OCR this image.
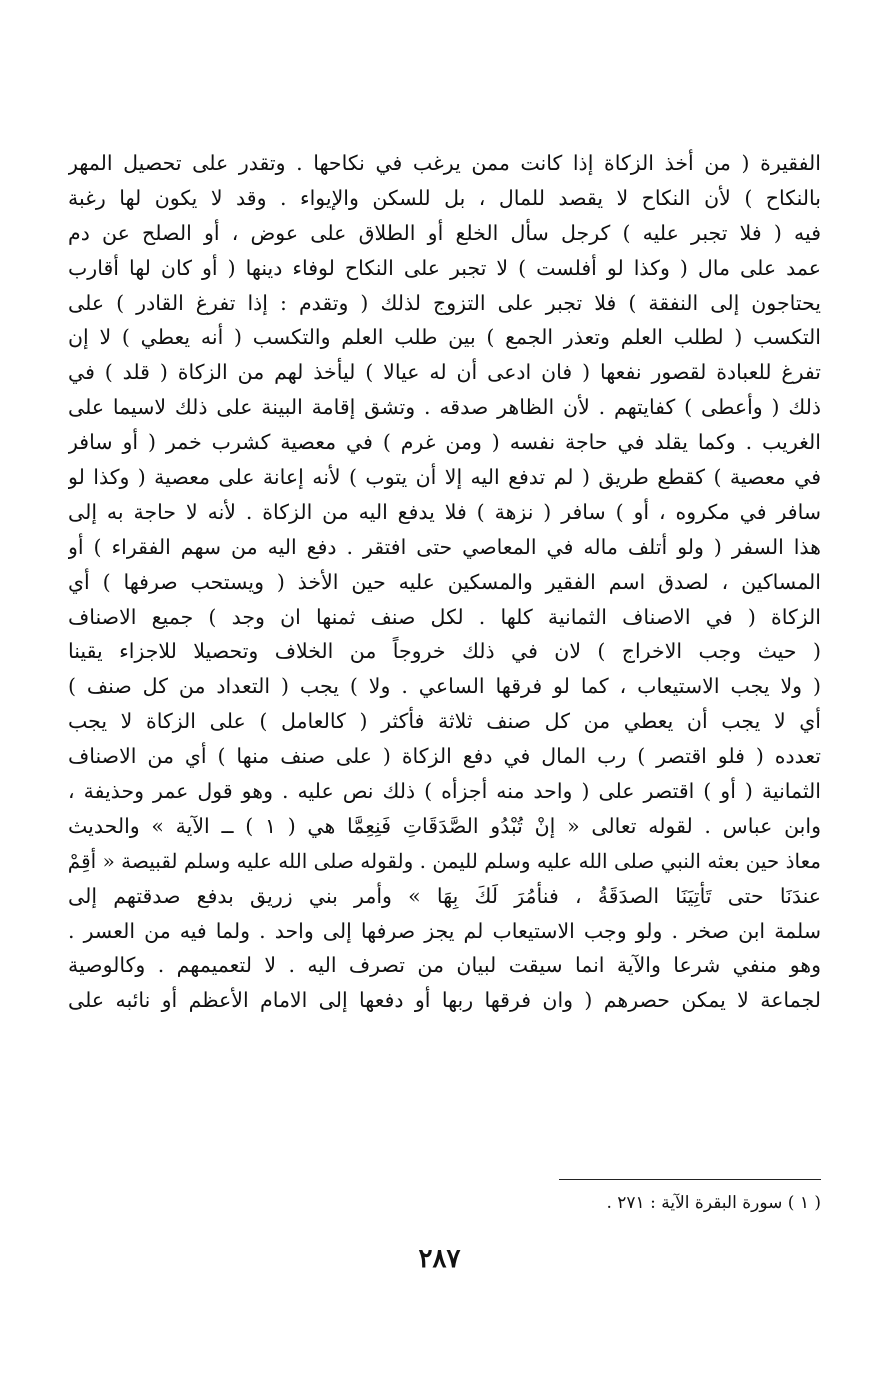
الفقيرة ( من أخذ الزكاة إذا كانت ممن يرغب في نكاحها . وتقدر على تحصيل المهر
بالنكاح ) لأن النكاح لا يقصد للمال ، بل للسكن والإيواء . وقد لا يكون لها رغبة
فيه ( فلا تجبر عليه ) كرجل سأل الخلع أو الطلاق على عوض ، أو الصلح عن دم
عمد على مال ( وكذا لو أفلست ) لا تجبر على النكاح لوفاء دينها ( أو كان لها أقارب
يحتاجون إلى النفقة ) فلا تجبر على التزوج لذلك ( وتقدم : إذا تفرغ القادر ) على
التكسب ( لطلب العلم وتعذر الجمع ) بين طلب العلم والتكسب ( أنه يعطي ) لا إن
تفرغ للعبادة لقصور نفعها ( فان ادعى أن له عيالا ) ليأخذ لهم من الزكاة ( قلد ) في
ذلك ( وأعطى ) كفايتهم . لأن الظاهر صدقه . وتشق إقامة البينة على ذلك لاسيما على
الغريب . وكما يقلد في حاجة نفسه ( ومن غرم ) في معصية كشرب خمر ( أو سافر
في معصية ) كقطع طريق ( لم تدفع اليه إلا أن يتوب ) لأنه إعانة على معصية ( وكذا لو
سافر في مكروه ، أو ) سافر ( نزهة ) فلا يدفع اليه من الزكاة . لأنه لا حاجة به إلى
هذا السفر ( ولو أتلف ماله في المعاصي حتى افتقر . دفع اليه من سهم الفقراء ) أو
المساكين ، لصدق اسم الفقير والمسكين عليه حين الأخذ ( ويستحب صرفها ) أي
الزكاة ( في الاصناف الثمانية كلها . لكل صنف ثمنها ان وجد ) جميع الاصناف
( حيث وجب الاخراج ) لان في ذلك خروجاً من الخلاف وتحصيلا للاجزاء يقينا
( ولا يجب الاستيعاب ، كما لو فرقها الساعي . ولا ) يجب ( التعداد من كل صنف )
أي لا يجب أن يعطي من كل صنف ثلاثة فأكثر ( كالعامل ) على الزكاة لا يجب
تعدده ( فلو اقتصر ) رب المال في دفع الزكاة ( على صنف منها ) أي من الاصناف
الثمانية ( أو ) اقتصر على ( واحد منه أجزأه ) ذلك نص عليه . وهو قول عمر وحذيفة ،
وابن عباس . لقوله تعالى « إنْ تُبْدُو الصَّدَقَاتِ فَنِعِمَّا هي ( ١ ) ــ الآية » والحديث
معاذ حين بعثه النبي صلى الله عليه وسلم لليمن . ولقوله صلى الله عليه وسلم لقبيصة « أقِمْ
عندَنَا حتى تَأتِيَنَا الصدَقَةُ ، فنأمُرَ لَكَ بِهَا » وأمر بني زريق بدفع صدقتهم إلى
سلمة ابن صخر . ولو وجب الاستيعاب لم يجز صرفها إلى واحد . ولما فيه من العسر .
وهو منفي شرعا والآية انما سيقت لبيان من تصرف اليه . لا لتعميمهم . وكالوصية
لجماعة لا يمكن حصرهم ( وان فرقها ربها أو دفعها إلى الامام الأعظم أو نائبه على
( ١ ) سورة البقرة الآية : ٢٧١ .
٢٨٧
